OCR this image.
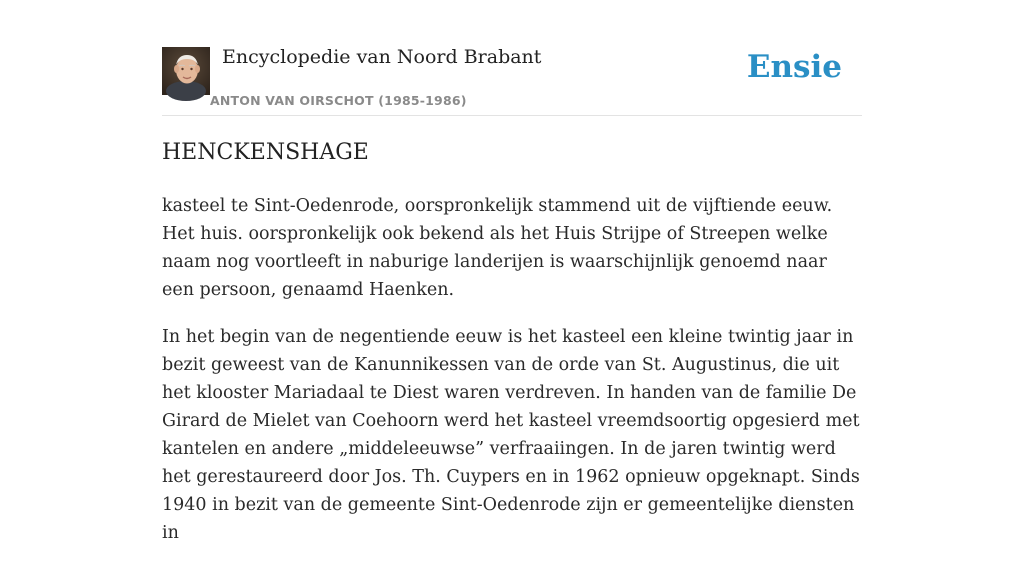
Encyclopedie van Noord Brabant
ANTON VAN OIRSCHOT (1985-1986)
Ensie
HENCKENSHAGE

kasteel te Sint-Oedenrode, oorspronkelijk stammend uit de vijftiende eeuw. Het huis. oorspronkelijk ook bekend als het Huis Strijpe of Streepen welke naam nog voortleeft in naburige landerijen is waarschijnlijk genoemd naar een persoon, genaamd Haenken.

In het begin van de negentiende eeuw is het kasteel een kleine twintig jaar in bezit geweest van de Kanunnikessen van de orde van St. Augustinus, die uit het klooster Mariadaal te Diest waren verdreven. In handen van de familie De Girard de Mielet van Coehoorn werd het kasteel vreemdsoortig opgesierd met kantelen en andere „middeleeuwse” verfraaiingen. In de jaren twintig werd het gerestaureerd door Jos. Th. Cuypers en in 1962 opnieuw opgeknapt. Sinds 1940 in bezit van de gemeente Sint-Oedenrode zijn er gemeentelijke diensten in
